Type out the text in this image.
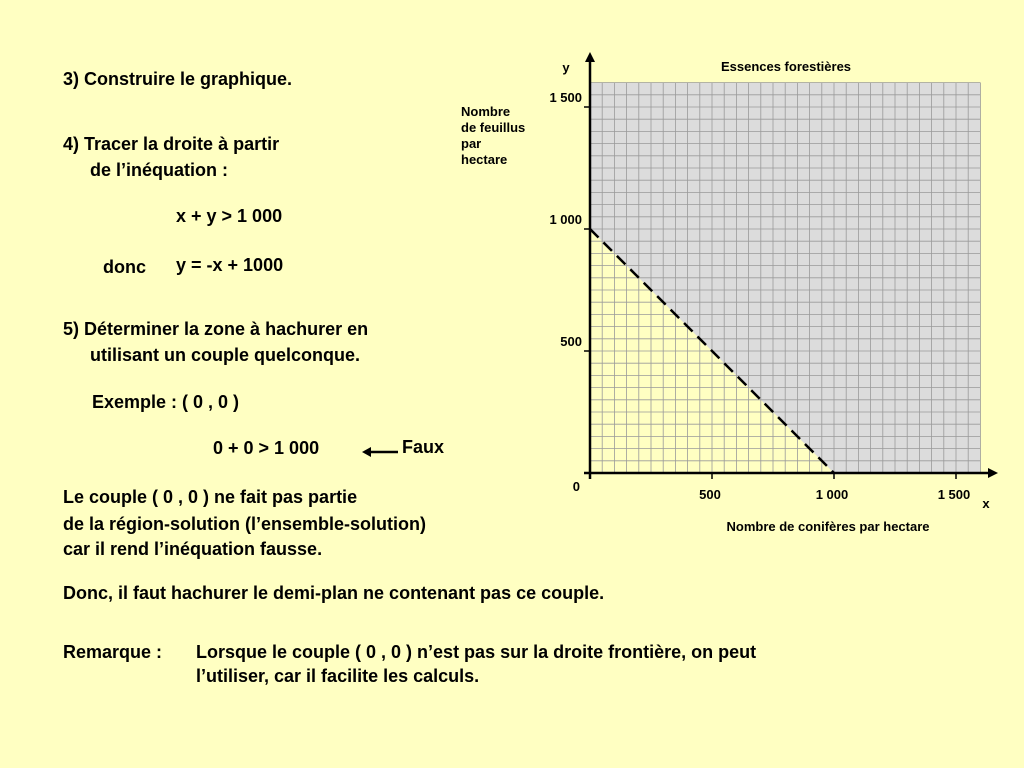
3) Construire le graphique.
4) Tracer la droite à partir
de l’inéquation :
x + y > 1 000
donc y = -x + 1000
5) Déterminer la zone à hachurer en
utilisant un couple quelconque.
Exemple : ( 0 , 0 )
0 + 0 > 1 000	Faux
Le couple ( 0 , 0 ) ne fait pas partie
de la région-solution (l’ensemble-solution)
car il rend l’inéquation fausse.
Donc, il faut hachurer le demi-plan ne contenant pas ce couple.
Remarque : Lorsque le couple ( 0 , 0 ) n’est pas sur la droite frontière, on peut
l’utiliser, car il facilite les calculs.
500	1 000	1 500
500
1 000
1 500
0
Essences forestières
y
x
Nombre de conifères par hectare
Nombre
de feuillus
par
hectare
